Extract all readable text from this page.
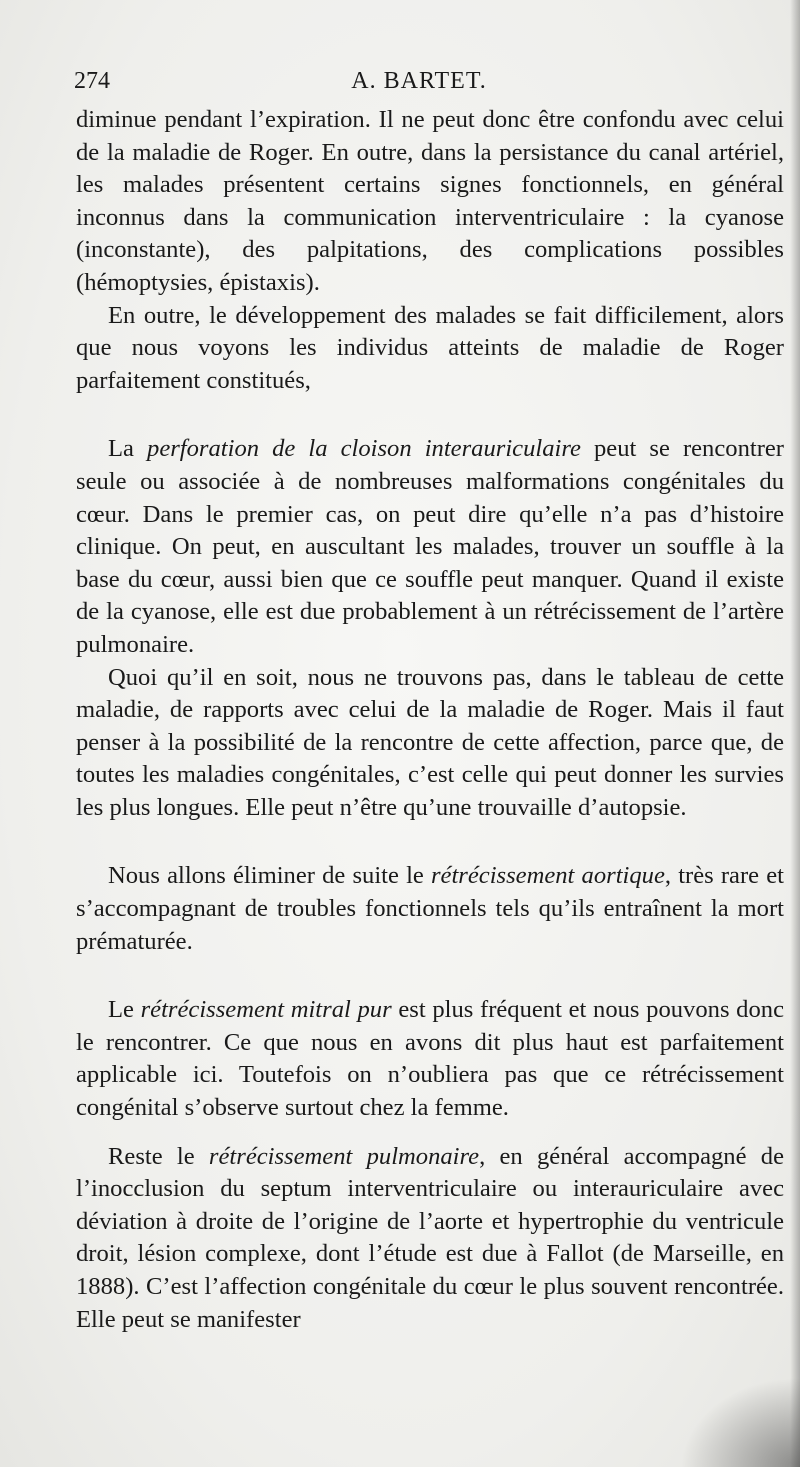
274	A. BARTET.

diminue pendant l’expiration. Il ne peut donc être confondu avec celui de la maladie de Roger. En outre, dans la persistance du canal artériel, les malades présentent certains signes fonctionnels, en général inconnus dans la communication interventriculaire : la cyanose (inconstante), des palpitations, des complications possibles (hémoptysies, épistaxis).

En outre, le développement des malades se fait difficilement, alors que nous voyons les individus atteints de maladie de Roger parfaitement constitués,

La perforation de la cloison interauriculaire peut se rencontrer seule ou associée à de nombreuses malformations congénitales du cœur. Dans le premier cas, on peut dire qu’elle n’a pas d’histoire clinique. On peut, en auscultant les malades, trouver un souffle à la base du cœur, aussi bien que ce souffle peut manquer. Quand il existe de la cyanose, elle est due probablement à un rétrécissement de l’artère pulmonaire.

Quoi qu’il en soit, nous ne trouvons pas, dans le tableau de cette maladie, de rapports avec celui de la maladie de Roger. Mais il faut penser à la possibilité de la rencontre de cette affection, parce que, de toutes les maladies congénitales, c’est celle qui peut donner les survies les plus longues. Elle peut n’être qu’une trouvaille d’autopsie.

Nous allons éliminer de suite le rétrécissement aortique, très rare et s’accompagnant de troubles fonctionnels tels qu’ils entraînent la mort prématurée.

Le rétrécissement mitral pur est plus fréquent et nous pouvons donc le rencontrer. Ce que nous en avons dit plus haut est parfaitement applicable ici. Toutefois on n’oubliera pas que ce rétrécissement congénital s’observe surtout chez la femme.

Reste le rétrécissement pulmonaire, en général accompagné de l’inocclusion du septum interventriculaire ou interauriculaire avec déviation à droite de l’origine de l’aorte et hypertrophie du ventricule droit, lésion complexe, dont l’étude est due à Fallot (de Marseille, en 1888). C’est l’affection congénitale du cœur le plus souvent rencontrée. Elle peut se manifester
